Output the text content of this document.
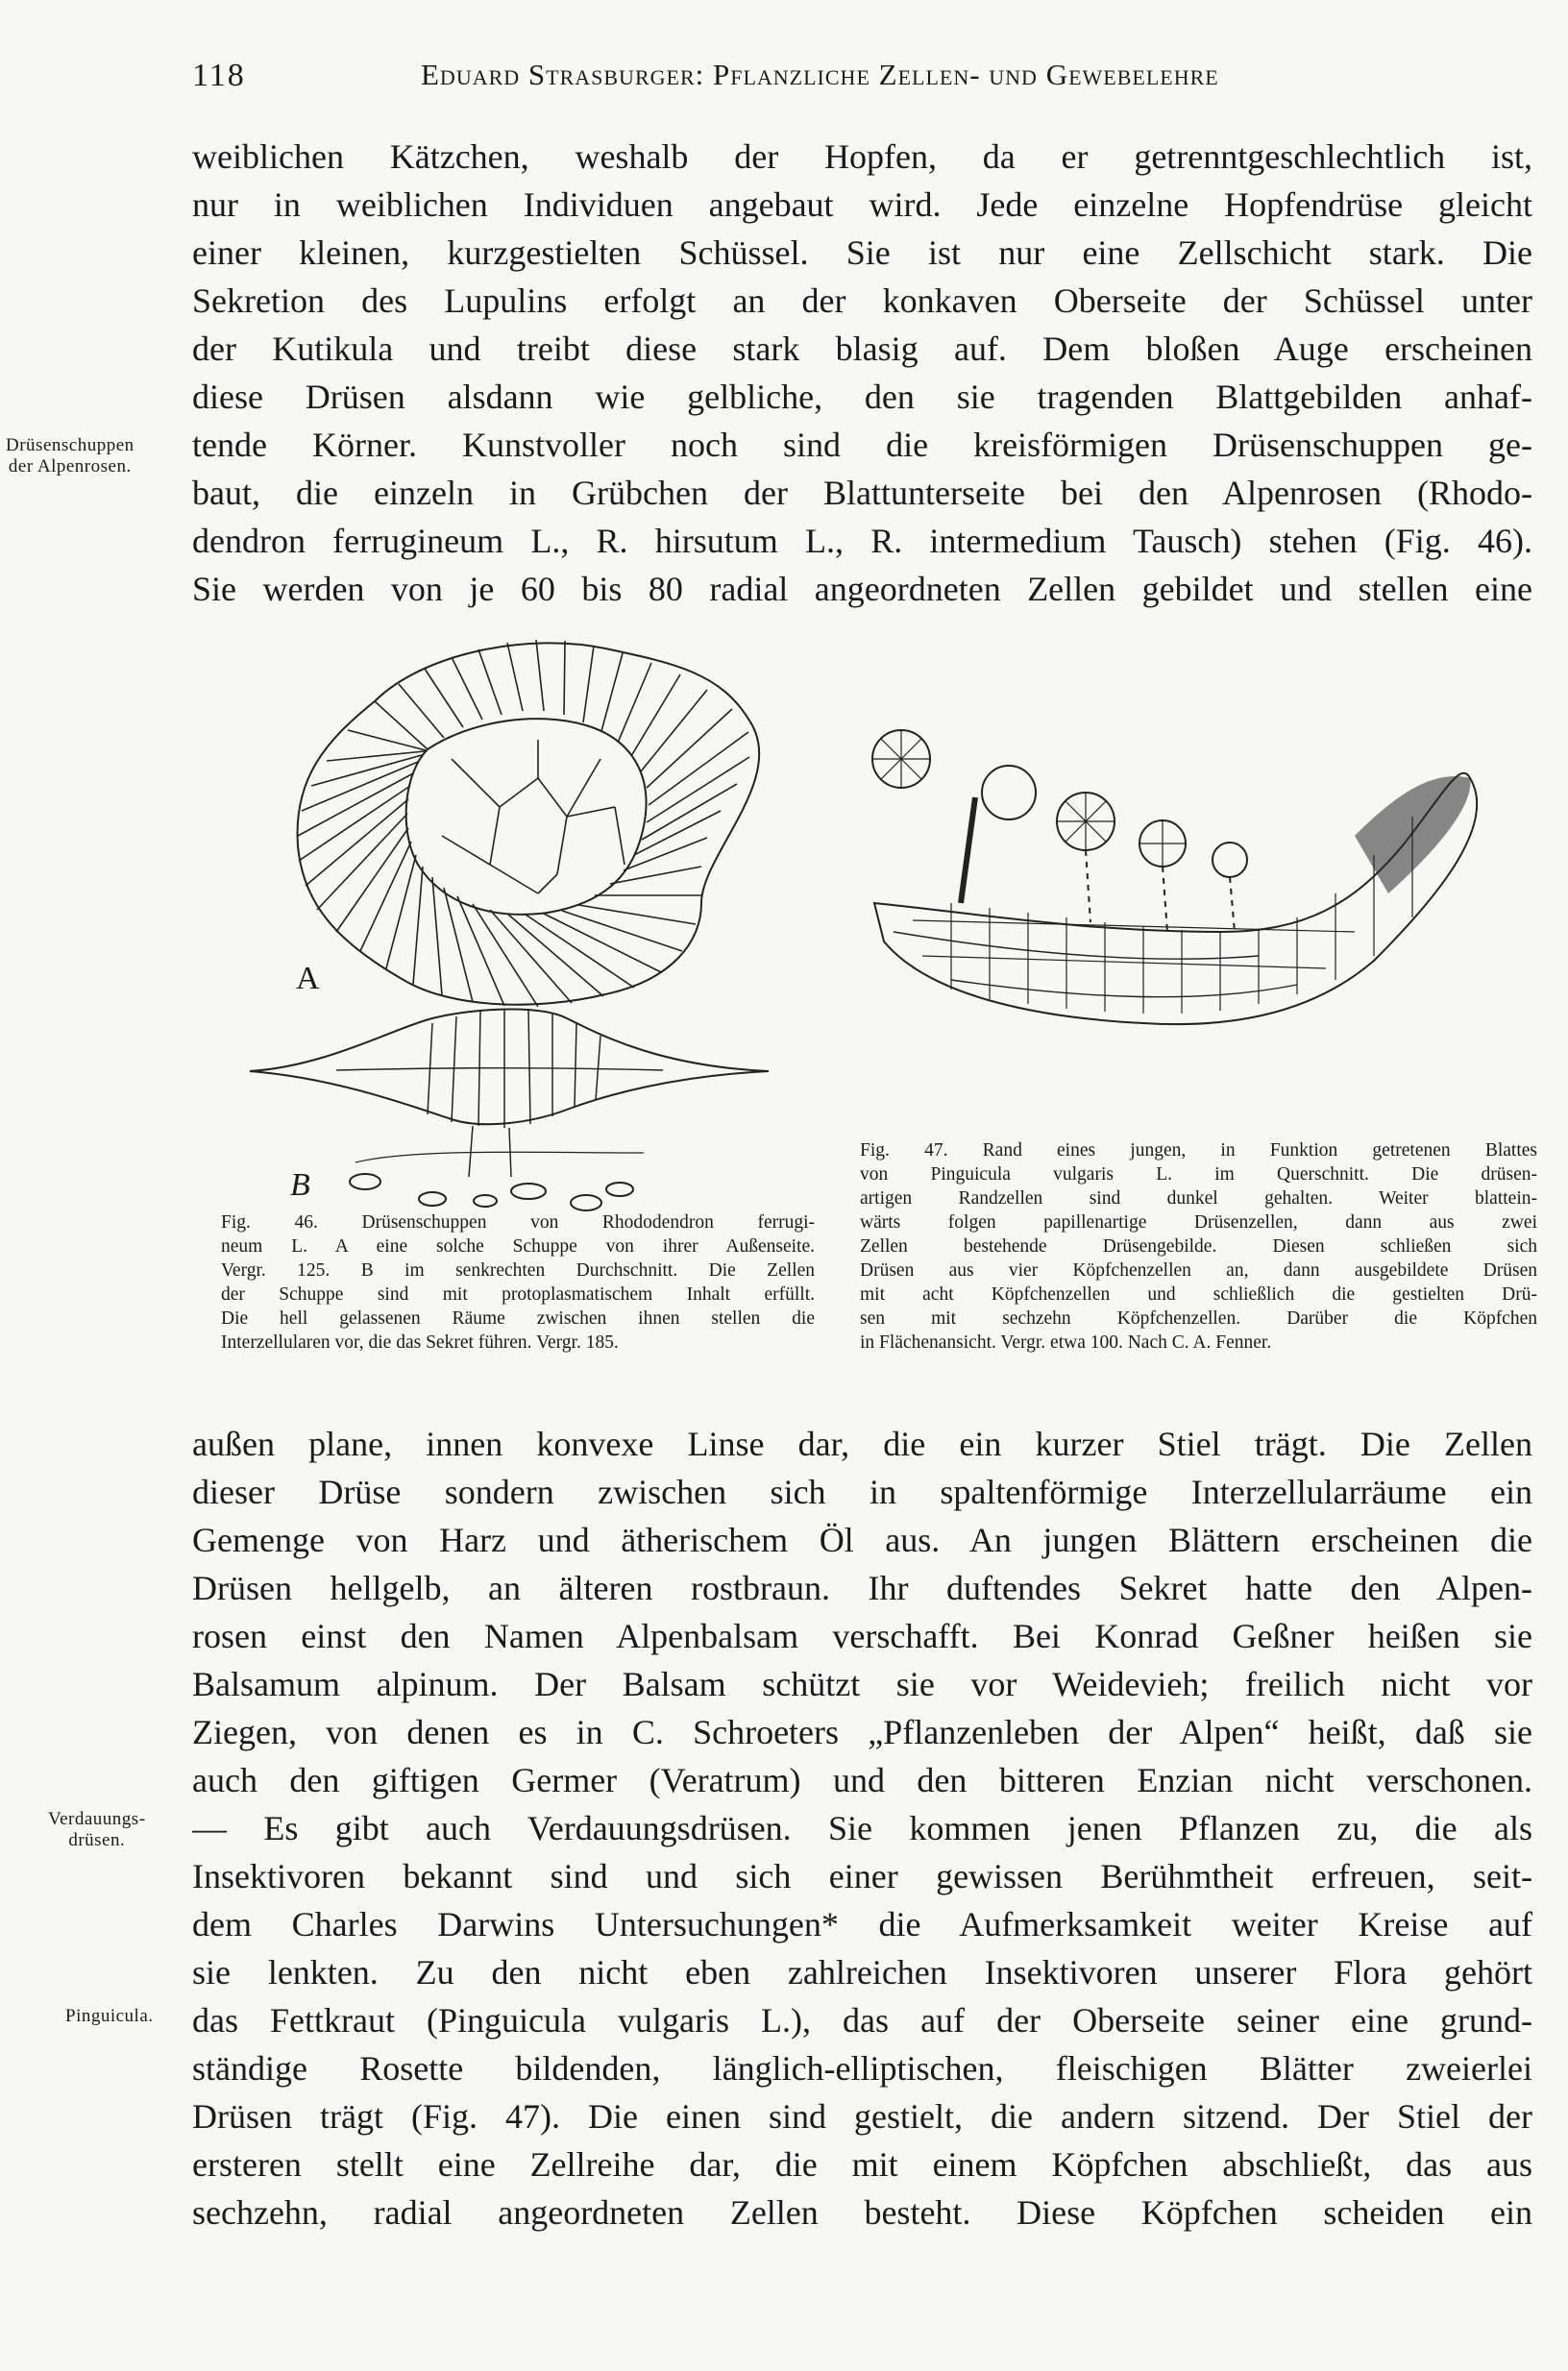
118	Eduard Strasburger: Pflanzliche Zellen- und Gewebelehre
weiblichen Kätzchen, weshalb der Hopfen, da er getrenntgeschlechtlich ist,
nur in weiblichen Individuen angebaut wird. Jede einzelne Hopfendrüse gleicht
einer kleinen, kurzgestielten Schüssel. Sie ist nur eine Zellschicht stark. Die
Sekretion des Lupulins erfolgt an der konkaven Oberseite der Schüssel unter
der Kutikula und treibt diese stark blasig auf. Dem bloßen Auge erscheinen
diese Drüsen alsdann wie gelbliche, den sie tragenden Blattgebilden anhaf-
tende Körner. Kunstvoller noch sind die kreisförmigen Drüsenschuppen ge-
baut, die einzeln in Grübchen der Blattunterseite bei den Alpenrosen (Rhodo-
dendron ferrugineum L., R. hirsutum L., R. intermedium Tausch) stehen (Fig. 46).
Sie werden von je 60 bis 80 radial angeordneten Zellen gebildet und stellen eine
Drüsenschuppen
der Alpenrosen.
Verdauungs-
drüsen.
Pinguicula.
A
B
Fig. 46. Drüsenschuppen von Rhododendron ferrugi-
neum L. A eine solche Schuppe von ihrer Außenseite.
Vergr. 125. B im senkrechten Durchschnitt. Die Zellen
der Schuppe sind mit protoplasmatischem Inhalt erfüllt.
Die hell gelassenen Räume zwischen ihnen stellen die
Interzellularen vor, die das Sekret führen. Vergr. 185.
Fig. 47. Rand eines jungen, in Funktion getretenen Blattes
von Pinguicula vulgaris L. im Querschnitt. Die drüsen-
artigen Randzellen sind dunkel gehalten. Weiter blattein-
wärts folgen papillenartige Drüsenzellen, dann aus zwei
Zellen bestehende Drüsengebilde. Diesen schließen sich
Drüsen aus vier Köpfchenzellen an, dann ausgebildete Drüsen
mit acht Köpfchenzellen und schließlich die gestielten Drü-
sen mit sechzehn Köpfchenzellen. Darüber die Köpfchen
in Flächenansicht. Vergr. etwa 100. Nach C. A. Fenner.
außen plane, innen konvexe Linse dar, die ein kurzer Stiel trägt. Die Zellen
dieser Drüse sondern zwischen sich in spaltenförmige Interzellularräume ein
Gemenge von Harz und ätherischem Öl aus. An jungen Blättern erscheinen die
Drüsen hellgelb, an älteren rostbraun. Ihr duftendes Sekret hatte den Alpen-
rosen einst den Namen Alpenbalsam verschafft. Bei Konrad Geßner heißen sie
Balsamum alpinum. Der Balsam schützt sie vor Weidevieh; freilich nicht vor
Ziegen, von denen es in C. Schroeters „Pflanzenleben der Alpen“ heißt, daß sie
auch den giftigen Germer (Veratrum) und den bitteren Enzian nicht verschonen.
— Es gibt auch Verdauungsdrüsen. Sie kommen jenen Pflanzen zu, die als
Insektivoren bekannt sind und sich einer gewissen Berühmtheit erfreuen, seit-
dem Charles Darwins Untersuchungen* die Aufmerksamkeit weiter Kreise auf
sie lenkten. Zu den nicht eben zahlreichen Insektivoren unserer Flora gehört
das Fettkraut (Pinguicula vulgaris L.), das auf der Oberseite seiner eine grund-
ständige Rosette bildenden, länglich-elliptischen, fleischigen Blätter zweierlei
Drüsen trägt (Fig. 47). Die einen sind gestielt, die andern sitzend. Der Stiel der
ersteren stellt eine Zellreihe dar, die mit einem Köpfchen abschließt, das aus
sechzehn, radial angeordneten Zellen besteht. Diese Köpfchen scheiden ein
